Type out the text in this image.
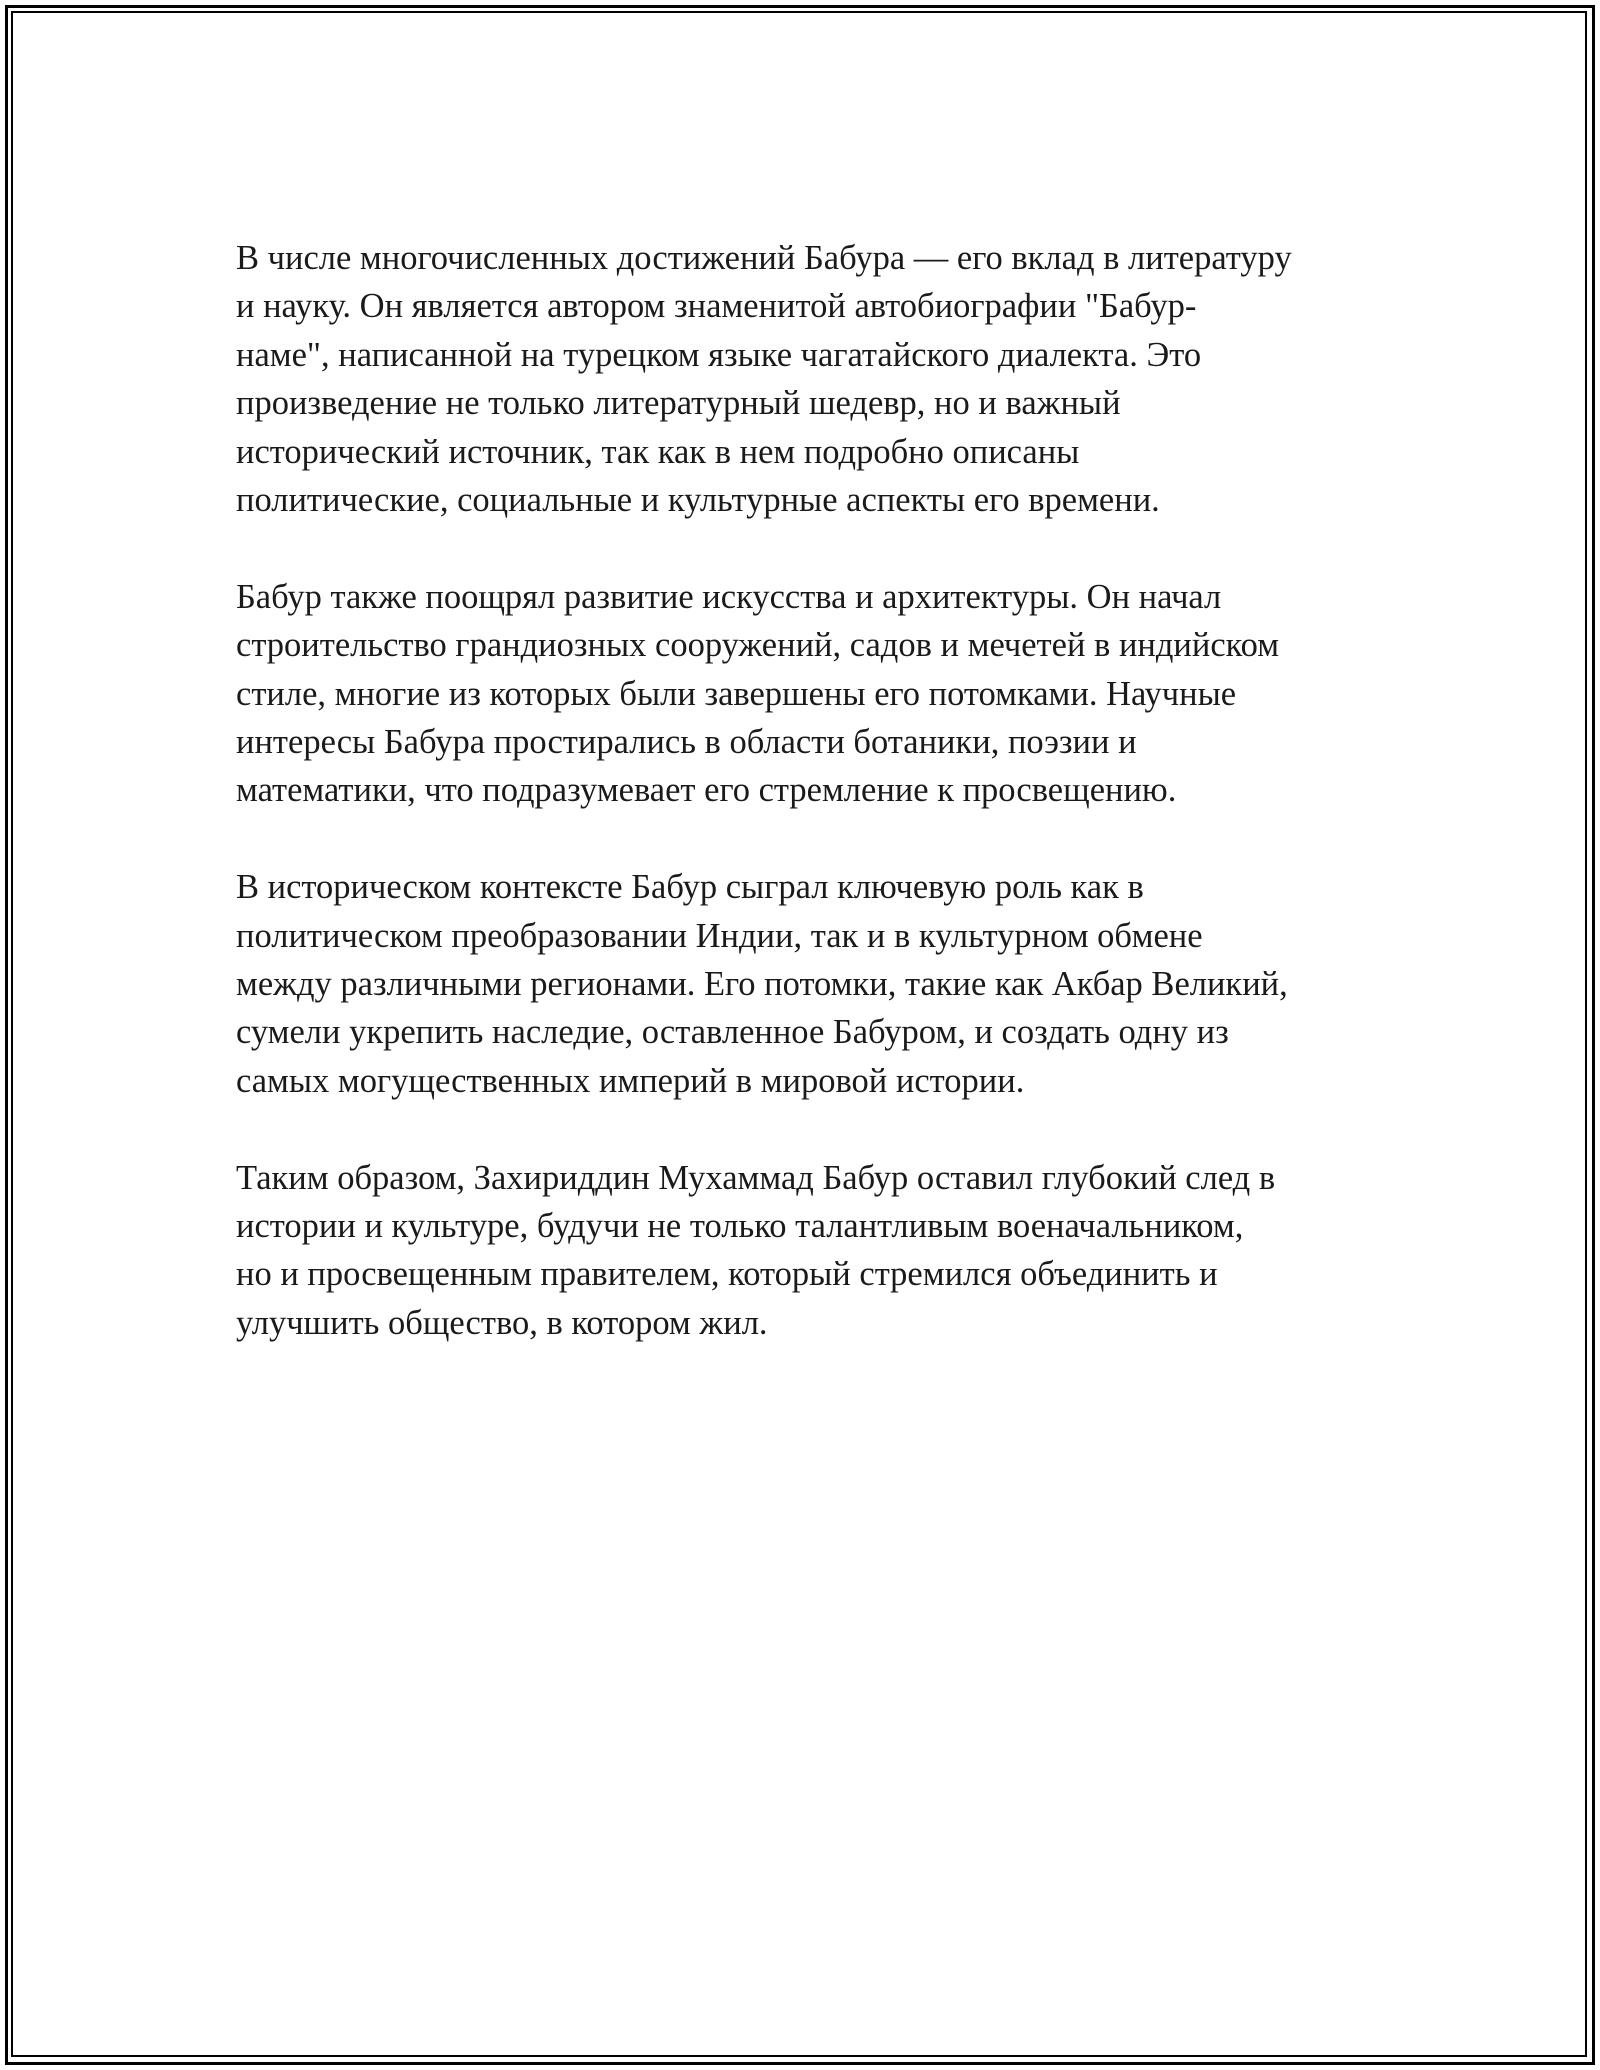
В числе многочисленных достижений Бабура — его вклад в литературу
и науку. Он является автором знаменитой автобиографии "Бабур-
наме", написанной на турецком языке чагатайского диалекта. Это
произведение не только литературный шедевр, но и важный
исторический источник, так как в нем подробно описаны
политические, социальные и культурные аспекты его времени.

Бабур также поощрял развитие искусства и архитектуры. Он начал
строительство грандиозных сооружений, садов и мечетей в индийском
стиле, многие из которых были завершены его потомками. Научные
интересы Бабура простирались в области ботаники, поэзии и
математики, что подразумевает его стремление к просвещению.

В историческом контексте Бабур сыграл ключевую роль как в
политическом преобразовании Индии, так и в культурном обмене
между различными регионами. Его потомки, такие как Акбар Великий,
сумели укрепить наследие, оставленное Бабуром, и создать одну из
самых могущественных империй в мировой истории.

Таким образом, Захириддин Мухаммад Бабур оставил глубокий след в
истории и культуре, будучи не только талантливым военачальником,
но и просвещенным правителем, который стремился объединить и
улучшить общество, в котором жил.
